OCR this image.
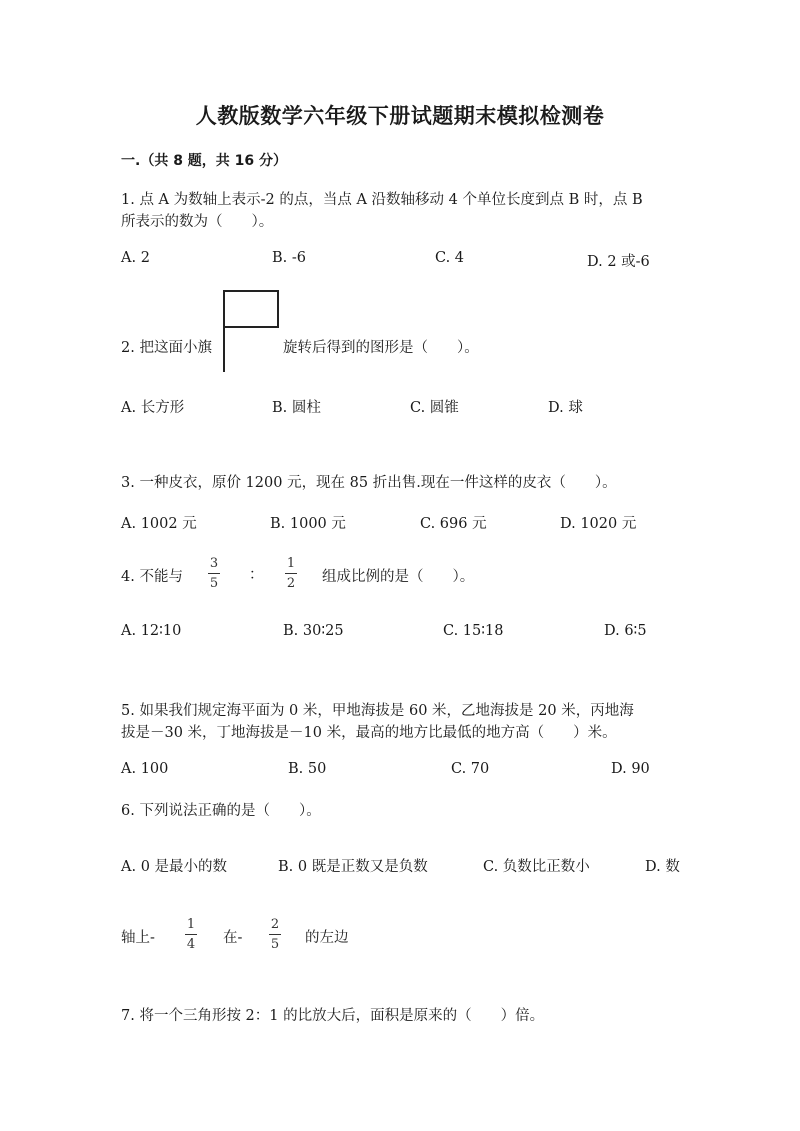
人教版数学六年级下册试题期末模拟检测卷
一.（共 8 题，共 16 分）
1. 点 A 为数轴上表示-2 的点，当点 A 沿数轴移动 4 个单位长度到点 B 时，点 B
所表示的数为（　　）。
A. 2	B. -6	C. 4	D. 2 或-6
2. 把这面小旗	旋转后得到的图形是（　　）。
A. 长方形	B. 圆柱	C. 圆锥	D. 球
3. 一种皮衣，原价 1200 元，现在 85 折出售.现在一件这样的皮衣（　　）。
A. 1002 元	B. 1000 元	C. 696 元	D. 1020 元
4. 不能与
3
5
：
1
2 组成比例的是（　　）。
A. 12∶10	B. 30∶25	C. 15∶18	D. 6∶5
5. 如果我们规定海平面为 0 米，甲地海拔是 60 米，乙地海拔是 20 米，丙地海
拔是－30 米，丁地海拔是－10 米，最高的地方比最低的地方高（　　）米。
A. 100	B. 50	C. 70	D. 90
6. 下列说法正确的是（　　）。
A. 0 是最小的数	B. 0 既是正数又是负数	C. 负数比正数小	D. 数
轴上-
1
4 在-
2
5 的左边
7. 将一个三角形按 2：1 的比放大后，面积是原来的（　　）倍。
